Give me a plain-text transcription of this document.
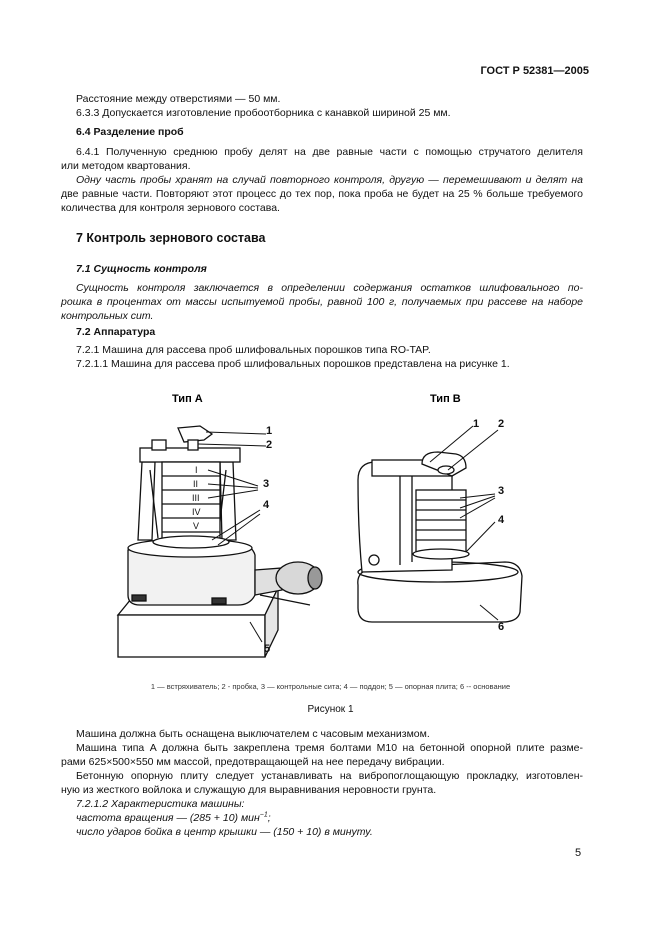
ГОСТ Р 52381—2005

Расстояние между отверстиями — 50 мм.

6.3.3 Допускается изготовление пробоотборника с канавкой шириной 25 мм.

6.4 Разделение проб

6.4.1 Полученную среднюю пробу делят на две равные части с помощью стручатого делителя

или методом квартования.

Одну часть пробы хранят на случай повторного контроля, другую — перемешивают и делят на

две равные части. Повторяют этот процесс до тех пор, пока проба не будет на 25 % больше требуемого

количества для контроля зернового состава.

7 Контроль зернового состава

7.1 Сущность контроля

Сущность контроля заключается в определении содержания остатков шлифовального по-

рошка в процентах от массы испытуемой пробы, равной 100 г, получаемых при рассеве на наборе

контрольных сит.

7.2 Аппаратура

7.2.1 Машина для рассева проб шлифовальных порошков типа RO-TAP.

7.2.1.1 Машина для рассева проб шлифовальных порошков представлена на рисунке 1.

Тип А	Тип В
I
II
III
IV
V
1
2
3
4
5
1 2
3
4
6
1 — встряхиватель; 2 - пробка, 3 — контрольные сита; 4 — поддон; 5 — опорная плита; 6 -- основание
Рисунок 1

Машина должна быть оснащена выключателем с часовым механизмом.

Машина типа А должна быть закреплена тремя болтами М10 на бетонной опорной плите разме-

рами 625×500×550 мм массой, предотвращающей на нее передачу вибрации.

Бетонную опорную плиту следует устанавливать на вибропоглощающую прокладку, изготовлен-

ную из жесткого войлока и служащую для выравнивания неровности грунта.

7.2.1.2 Характеристика машины:

частота вращения — (285 + 10) мин$^{-1}$;

число ударов бойка в центр крышки — (150 + 10) в минуту.

5
